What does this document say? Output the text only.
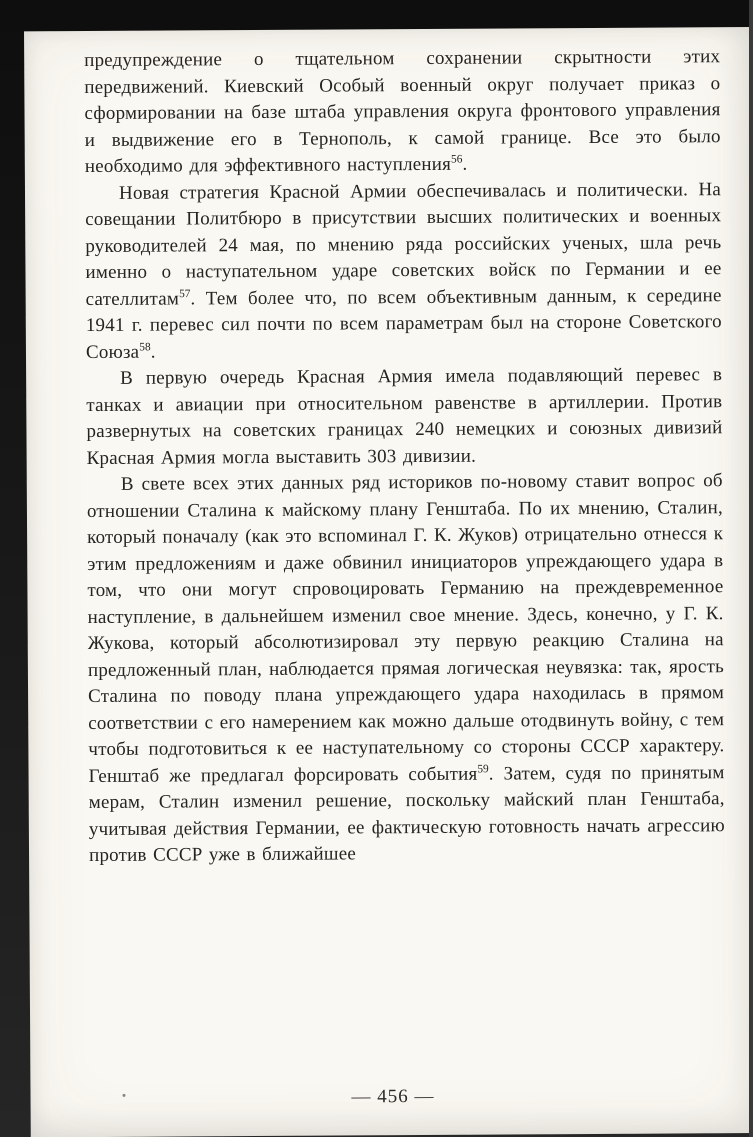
предупреждение о тщательном сохранении скрытности этих передвижений. Киевский Особый военный округ получает приказ о сформировании на базе штаба управления округа фронтового управления и выдвижение его в Тернополь, к самой границе. Все это было необходимо для эффективного наступления$^{56}$.

Новая стратегия Красной Армии обеспечивалась и политически. На совещании Политбюро в присутствии высших политических и военных руководителей 24 мая, по мнению ряда российских ученых, шла речь именно о наступательном ударе советских войск по Германии и ее сателлитам$^{57}$. Тем более что, по всем объективным данным, к середине 1941 г. перевес сил почти по всем параметрам был на стороне Советского Союза$^{58}$.

В первую очередь Красная Армия имела подавляющий перевес в танках и авиации при относительном равенстве в артиллерии. Против развернутых на советских границах 240 немецких и союзных дивизий Красная Армия могла выставить 303 дивизии.

В свете всех этих данных ряд историков по-новому ставит вопрос об отношении Сталина к майскому плану Генштаба. По их мнению, Сталин, который поначалу (как это вспоминал Г. К. Жуков) отрицательно отнесся к этим предложениям и даже обвинил инициаторов упреждающего удара в том, что они могут спровоцировать Германию на преждевременное наступление, в дальнейшем изменил свое мнение. Здесь, конечно, у Г. К. Жукова, который абсолютизировал эту первую реакцию Сталина на предложенный план, наблюдается прямая логическая неувязка: так, ярость Сталина по поводу плана упреждающего удара находилась в прямом соответствии с его намерением как можно дальше отодвинуть войну, с тем чтобы подготовиться к ее наступательному со стороны СССР характеру. Генштаб же предлагал форсировать события$^{59}$. Затем, судя по принятым мерам, Сталин изменил решение, поскольку майский план Генштаба, учитывая действия Германии, ее фактическую готовность начать агрессию против СССР уже в ближайшее

— 456 —
